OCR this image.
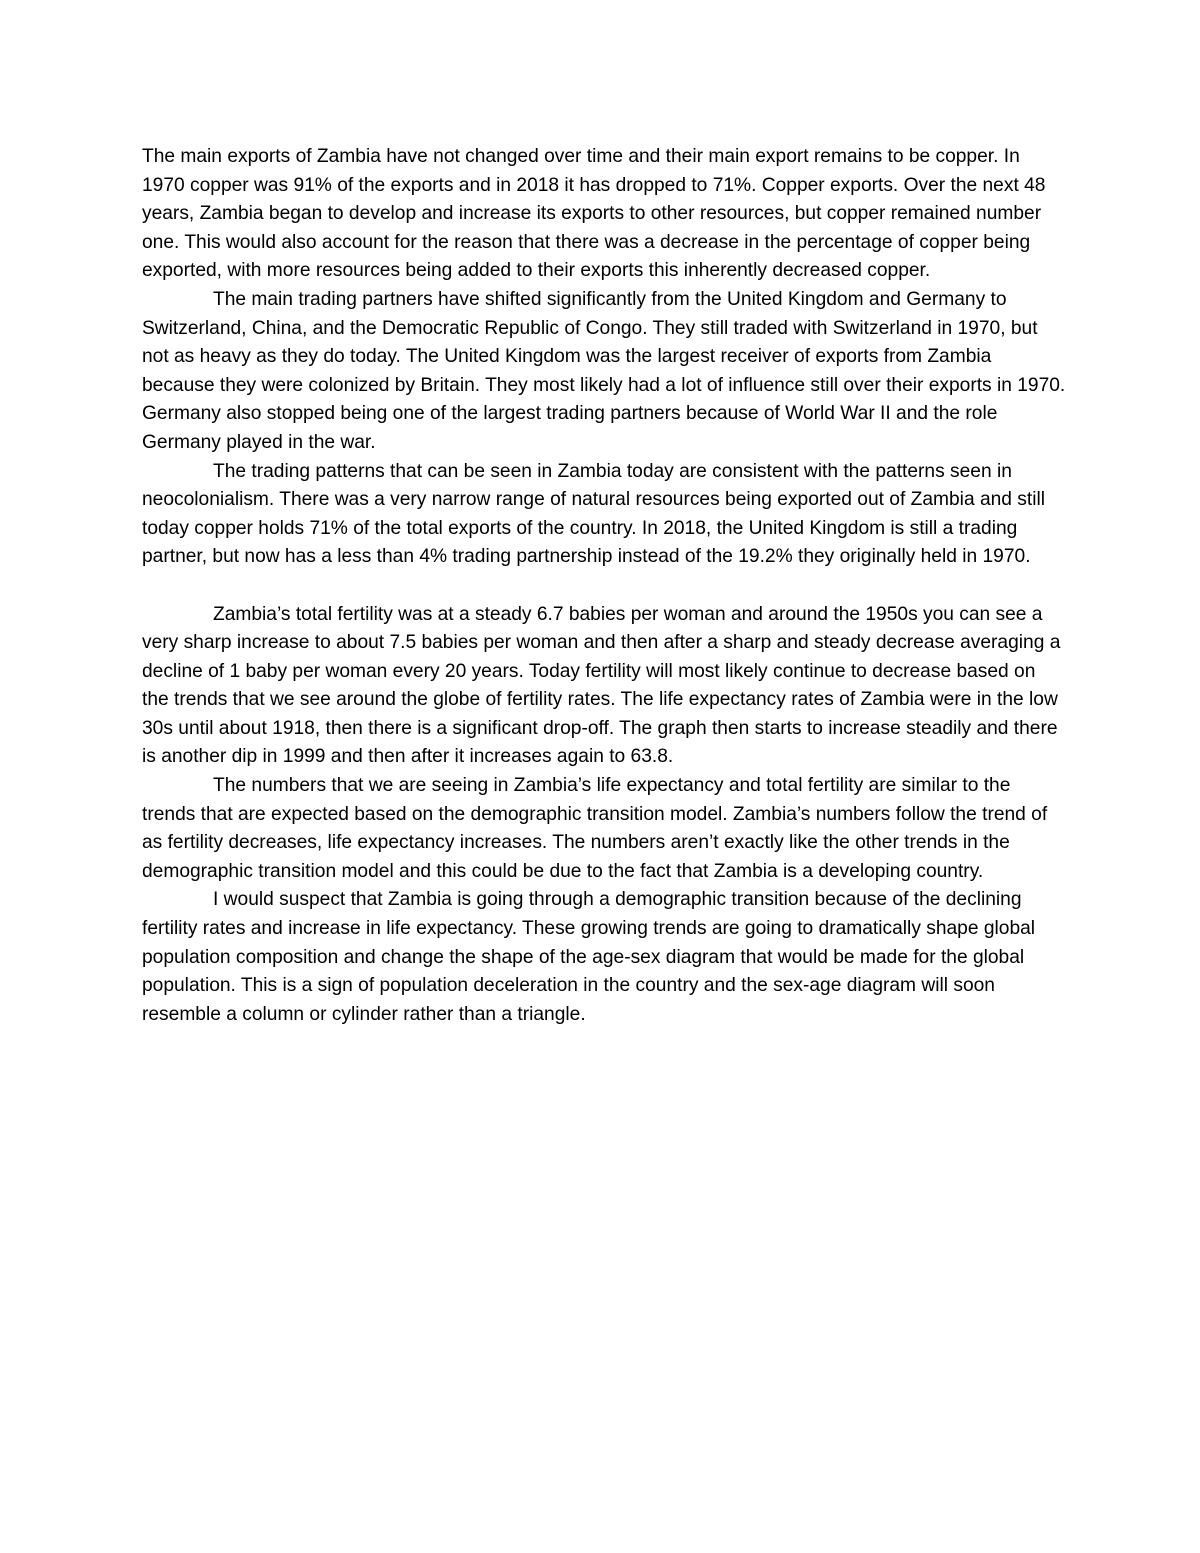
The main exports of Zambia have not changed over time and their main export remains to be copper. In 1970 copper was 91% of the exports and in 2018 it has dropped to 71%. Copper exports. Over the next 48 years, Zambia began to develop and increase its exports to other resources, but copper remained number one. This would also account for the reason that there was a decrease in the percentage of copper being exported, with more resources being added to their exports this inherently decreased copper.

The main trading partners have shifted significantly from the United Kingdom and Germany to Switzerland, China, and the Democratic Republic of Congo. They still traded with Switzerland in 1970, but not as heavy as they do today. The United Kingdom was the largest receiver of exports from Zambia because they were colonized by Britain. They most likely had a lot of influence still over their exports in 1970. Germany also stopped being one of the largest trading partners because of World War II and the role Germany played in the war.

The trading patterns that can be seen in Zambia today are consistent with the patterns seen in neocolonialism. There was a very narrow range of natural resources being exported out of Zambia and still today copper holds 71% of the total exports of the country. In 2018, the United Kingdom is still a trading partner, but now has a less than 4% trading partnership instead of the 19.2% they originally held in 1970.

Zambia’s total fertility was at a steady 6.7 babies per woman and around the 1950s you can see a very sharp increase to about 7.5 babies per woman and then after a sharp and steady decrease averaging a decline of 1 baby per woman every 20 years. Today fertility will most likely continue to decrease based on the trends that we see around the globe of fertility rates. The life expectancy rates of Zambia were in the low 30s until about 1918, then there is a significant drop-off. The graph then starts to increase steadily and there is another dip in 1999 and then after it increases again to 63.8.

The numbers that we are seeing in Zambia’s life expectancy and total fertility are similar to the trends that are expected based on the demographic transition model. Zambia’s numbers follow the trend of as fertility decreases, life expectancy increases. The numbers aren’t exactly like the other trends in the demographic transition model and this could be due to the fact that Zambia is a developing country.

I would suspect that Zambia is going through a demographic transition because of the declining fertility rates and increase in life expectancy. These growing trends are going to dramatically shape global population composition and change the shape of the age-sex diagram that would be made for the global population. This is a sign of population deceleration in the country and the sex-age diagram will soon resemble a column or cylinder rather than a triangle.
